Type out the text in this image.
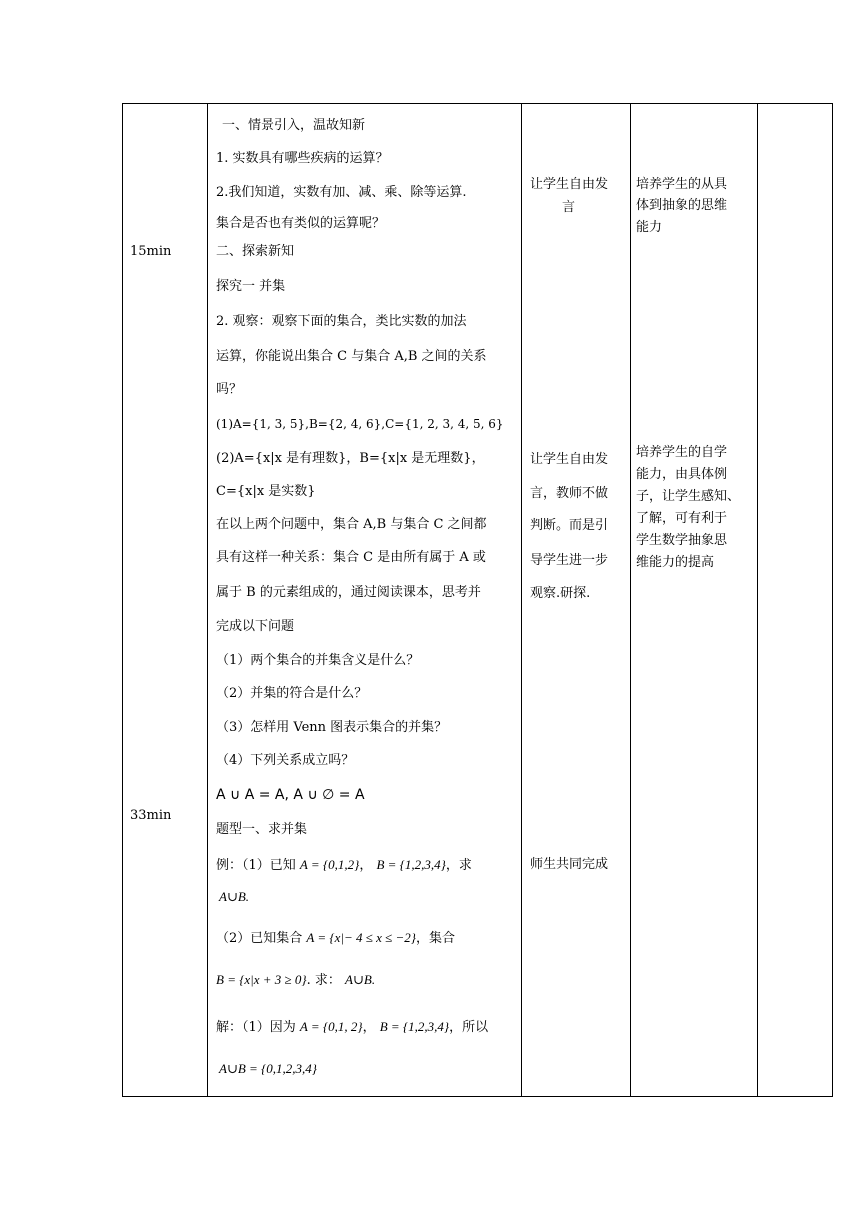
15min
33min
一、情景引入，温故知新
1. 实数具有哪些疾病的运算？
2.我们知道，实数有加、减、乘、除等运算.
集合是否也有类似的运算呢？
二、探索新知
探究一 并集
2. 观察：观察下面的集合，类比实数的加法
运算，你能说出集合 C 与集合 A,B 之间的关系
吗？
(1)A={1, 3, 5},B={2, 4, 6},C={1, 2, 3, 4, 5, 6}
(2)A={x|x 是有理数}，B={x|x 是无理数}，
C={x|x 是实数}
在以上两个问题中，集合 A,B 与集合 C 之间都
具有这样一种关系：集合 C 是由所有属于 A 或
属于 B 的元素组成的，通过阅读课本，思考并
完成以下问题
（1）两个集合的并集含义是什么？
（2）并集的符合是什么？
（3）怎样用 Venn 图表示集合的并集？
（4）下列关系成立吗？
A ∪ A = A, A ∪ ∅ = A
题型一、求并集
例：（1）已知 A = {0,1,2}， B = {1,2,3,4}，求
A∪B.
（2）已知集合 A = {x|− 4 ≤ x ≤ −2}，集合
B = {x|x + 3 ≥ 0}. 求： A∪B.
解：（1）因为 A = {0,1, 2}， B = {1,2,3,4}，所以
A∪B = {0,1,2,3,4}
让学生自由发
言
让学生自由发
言，教师不做
判断。而是引
导学生进一步
观察.研探.
师生共同完成
培养学生的从具
体到抽象的思维
能力
培养学生的自学
能力，由具体例
子，让学生感知、
了解，可有利于
学生数学抽象思
维能力的提高
